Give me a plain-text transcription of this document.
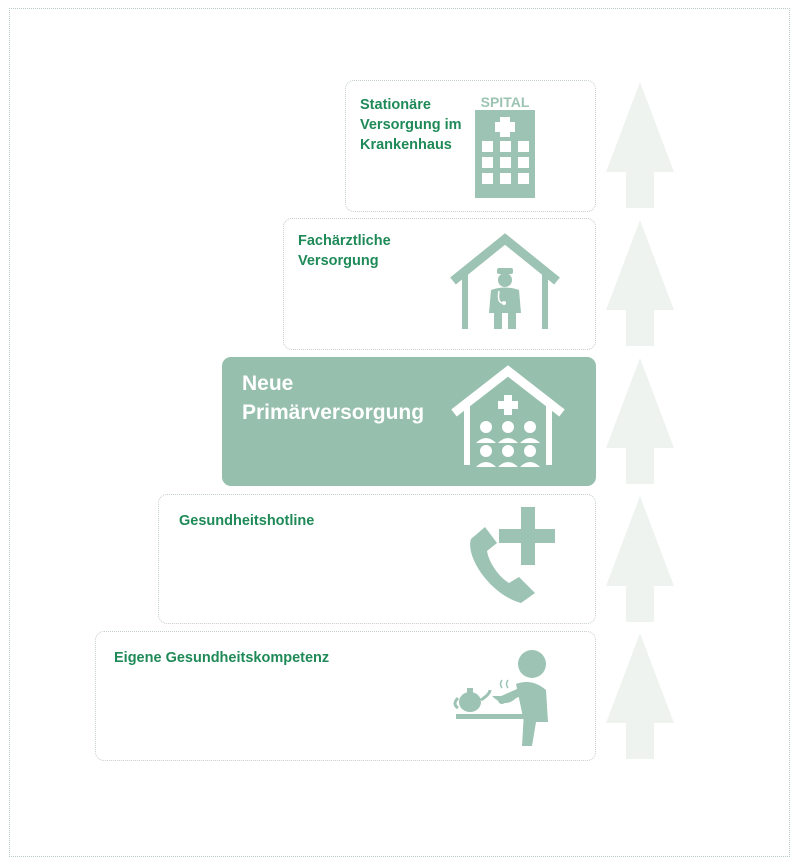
Stationäre
Versorgung im
Krankenhaus
SPITAL
Fachärztliche
Versorgung
Neue
Primärversorgung
Gesundheitshotline
Eigene Gesundheitskompetenz
